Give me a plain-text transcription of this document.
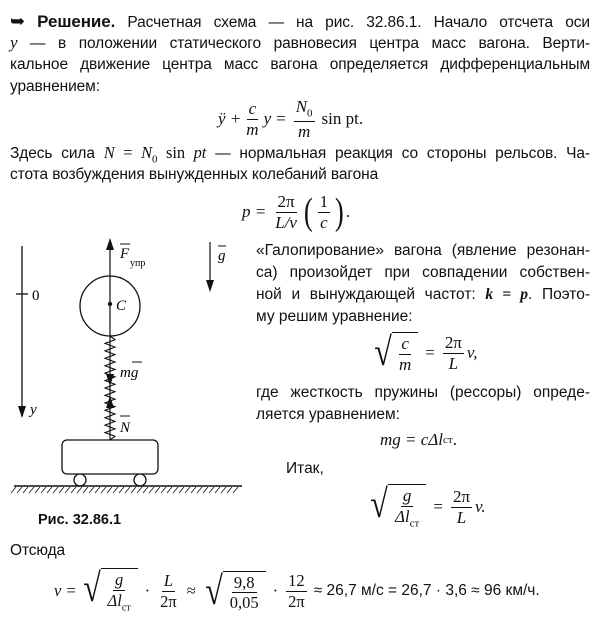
➥ Решение. Расчетная схема — на рис. 32.86.1. Начало отсчета оси
y — в положении статического равновесия центра масс вагона. Верти-
кальное движение центра масс вагона определяется дифференциальным
уравнением:
ÿ + $\frac{c}{m}$ $y = \frac{N_0}{m}$ sin pt.
Здесь сила $N = N_0$ sin pt — нормальная реакция со стороны рельсов. Ча-
стота возбуждения вынужденных колебаний вагона
$p = \frac{2\pi}{L/v}$ ( $\frac{1}{c}$ ) .
«Галопирование» вагона (явление резонан-
са) произойдет при совпадении собствен-
ной и вынуждающей частот: k = p. Поэто-
му решим уравнение:
√ $\frac{c}{m} = \frac{2\pi}{L} v$,
где жесткость пружины (рессоры) опреде-
ляется уравнением:
mg = cΔl ст .
Итак,
√ $\frac{g}{\Delta l_{ст}} = \frac{2\pi}{L} v$.
0
y
F
упр
C
mg
N
g
Рис. 32.86.1
Отсюда
v = √ $\frac{g}{\Delta l_{ст}} \cdot \frac{L}{2\pi}$ ≈ √ $\frac{9,8}{0,05} \cdot \frac{12}{2\pi} \approx 26,7$ м/с = 26,7 · 3,6 ≈ 96 км/ч.
